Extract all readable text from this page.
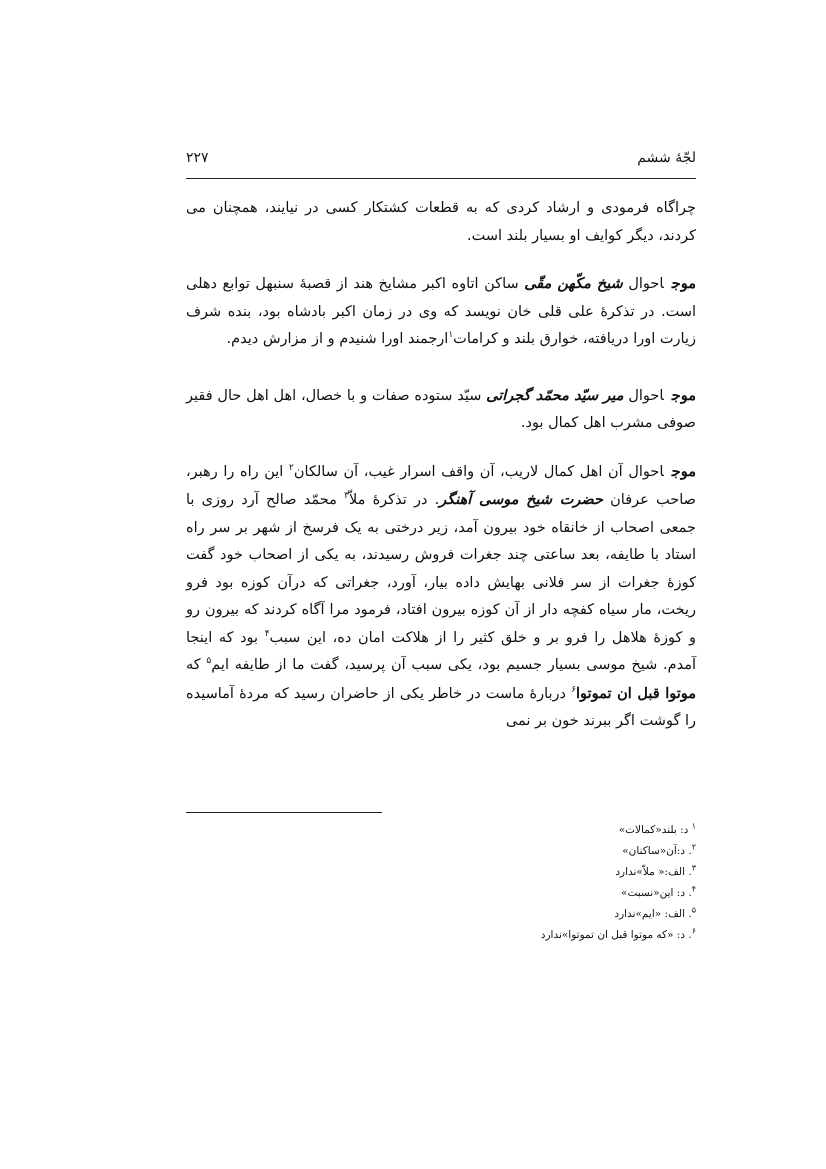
لجّهٔ ششم
۲۲۷

چراگاه فرمودی و ارشاد کردی که به قطعات کشتکار کسی در نیایند، همچنان می کردند، دیگر کوایف او بسیار بلند است.

موجاحوال شیخ مکّهن مقّی ساکن اتاوه اکبر مشایخ هند از قصبهٔ سنبهل توابع دهلی است. در تذکرهٔ علی قلی خان نویسد که وی در زمان اکبر بادشاه بود، بنده شرف زیارت اورا دریافته، خوارق بلند و کرامات$^۱$ارجمند اورا شنیدم و از مزارش دیدم.

موجاحوال میر سیّد محمّد گجراتی سیّد ستوده صفات و با خصال، اهل اهل حال فقیر صوفی مشرب اهل کمال بود.

موجاحوال آن اهل کمال لاریب، آن واقف اسرار غیب، آن سالکان$^۲$ این راه را رهبر، صاحب عرفان حضرت شیخ موسی آهنگر. در تذکرهٔ ملاّ$^۳$ محمّد صالح آرد روزی با جمعی اصحاب از خانقاه خود بیرون آمد، زیر درختی به یک فرسخ از شهر بر سر راه استاد با طایفه، بعد ساعتی چند جغرات فروش رسیدند، به یکی از اصحاب خود گفت کوزهٔ جغرات از سر فلانی بهایش داده بیار، آورد، جغراتی که درآن کوزه بود فرو ریخت، مار سیاه کفچه دار از آن کوزه بیرون افتاد، فرمود مرا آگاه کردند که بیرون رو و کوزهٔ هلاهل را فرو بر و خلق کثیر را از هلاکت امان ده، این سبب$^۴$ بود که اینجا آمدم. شیخ موسی بسیار جسیم بود، یکی سبب آن پرسید، گفت ما از طایفه ایم$^۵$ که موتوا قبل ان تموتوا$^۶$ دربارهٔ ماست در خاطر یکی از حاضران رسید که مردهٔ آماسیده را گوشت اگر ببرند خون بر نمی

$^۱$ د: بلند«کمالات»
$^۲$. د:آن«ساکنان»
$^۳$. الف:« ملاّ»ندارد
$^۴$. د: این«نسبت»
$^۵$. الف: «ایم»ندارد
$^۶$. د: «که موتوا قبل ان تموتوا»ندارد
